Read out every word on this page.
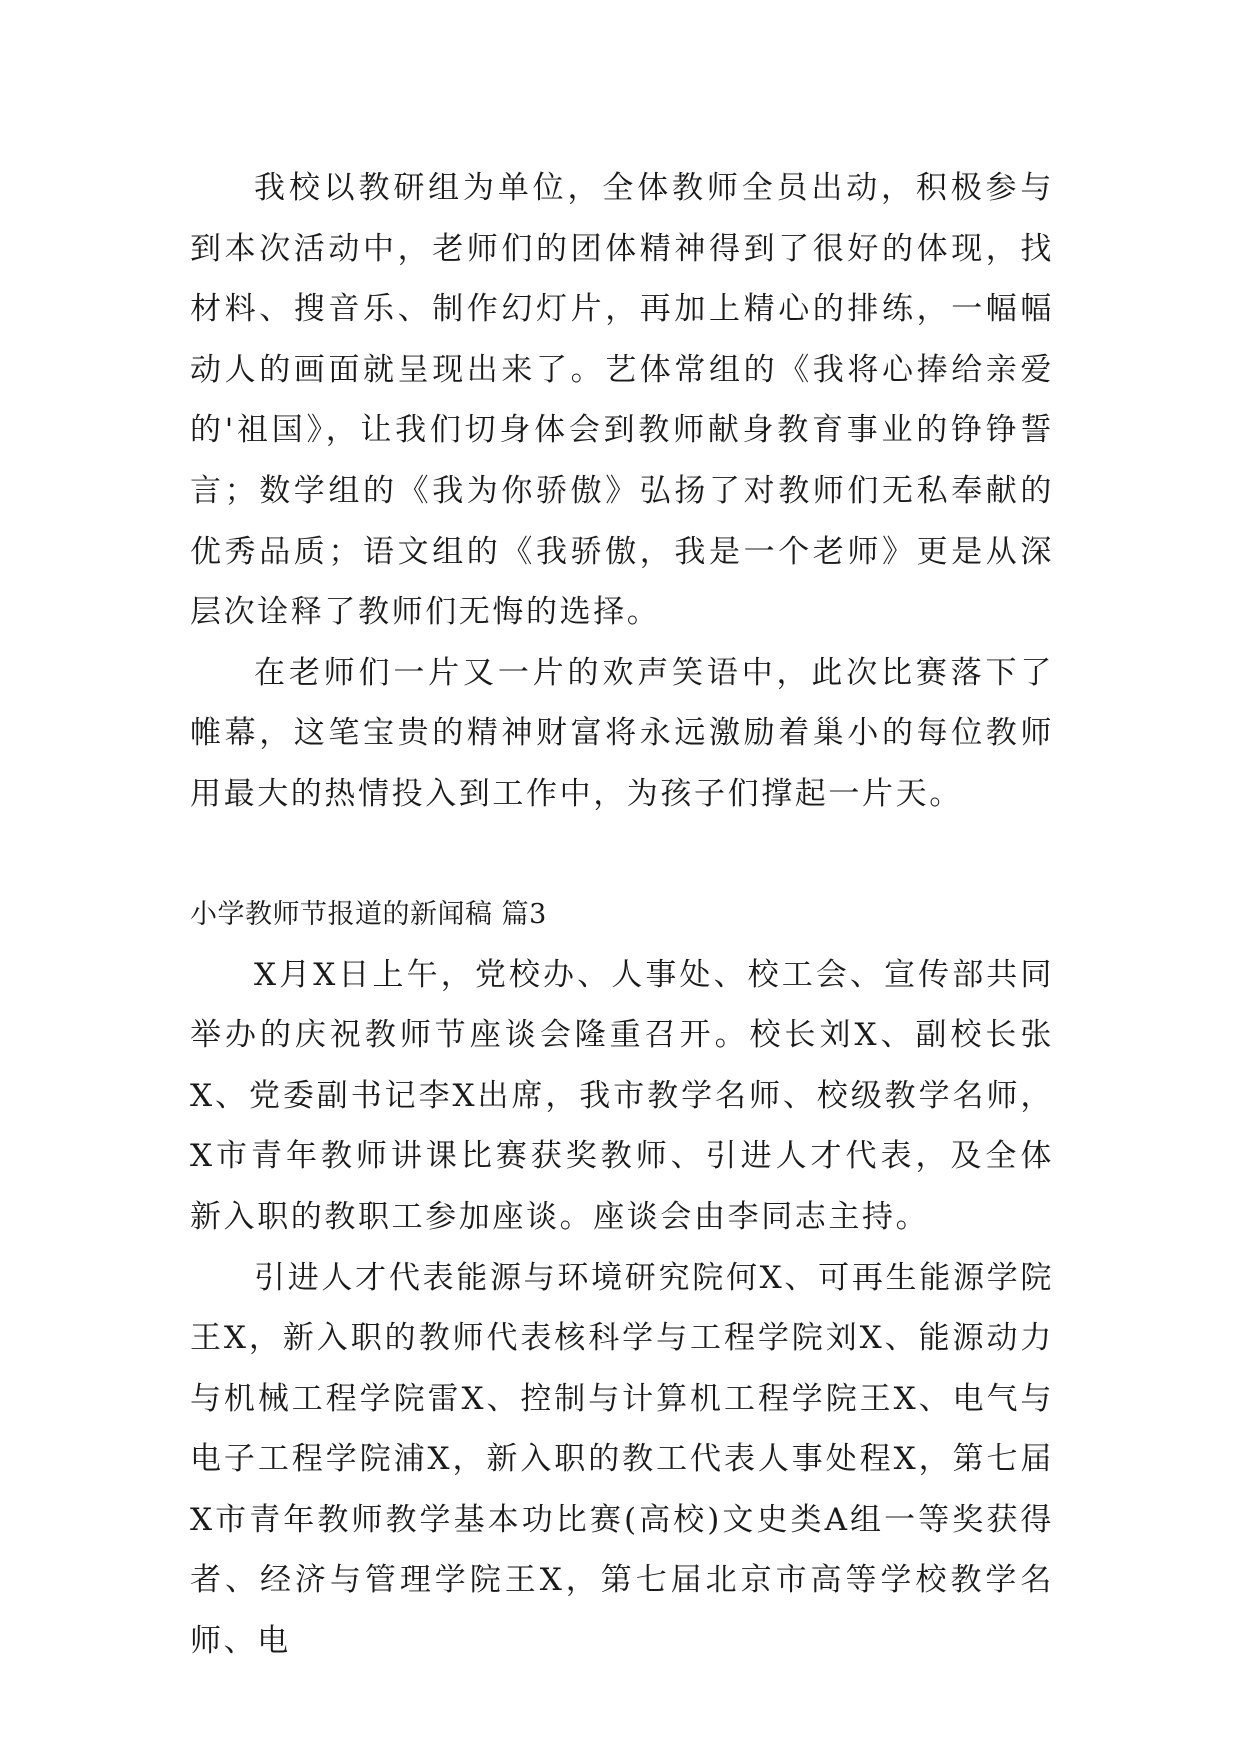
我校以教研组为单位，全体教师全员出动，积极参与到本次活动中，老师们的团体精神得到了很好的体现，找材料、搜音乐、制作幻灯片，再加上精心的排练，一幅幅动人的画面就呈现出来了。艺体常组的《我将心捧给亲爱的'祖国》，让我们切身体会到教师献身教育事业的铮铮誓言；数学组的《我为你骄傲》弘扬了对教师们无私奉献的优秀品质；语文组的《我骄傲，我是一个老师》更是从深层次诠释了教师们无悔的选择。

在老师们一片又一片的欢声笑语中，此次比赛落下了帷幕，这笔宝贵的精神财富将永远激励着巢小的每位教师用最大的热情投入到工作中，为孩子们撑起一片天。

小学教师节报道的新闻稿 篇3

X月X日上午，党校办、人事处、校工会、宣传部共同举办的庆祝教师节座谈会隆重召开。校长刘X、副校长张X、党委副书记李X出席，我市教学名师、校级教学名师，X市青年教师讲课比赛获奖教师、引进人才代表，及全体新入职的教职工参加座谈。座谈会由李同志主持。

引进人才代表能源与环境研究院何X、可再生能源学院王X，新入职的教师代表核科学与工程学院刘X、能源动力与机械工程学院雷X、控制与计算机工程学院王X、电气与电子工程学院浦X，新入职的教工代表人事处程X，第七届X市青年教师教学基本功比赛(高校)文史类A组一等奖获得者、经济与管理学院王X，第七届北京市高等学校教学名师、电
